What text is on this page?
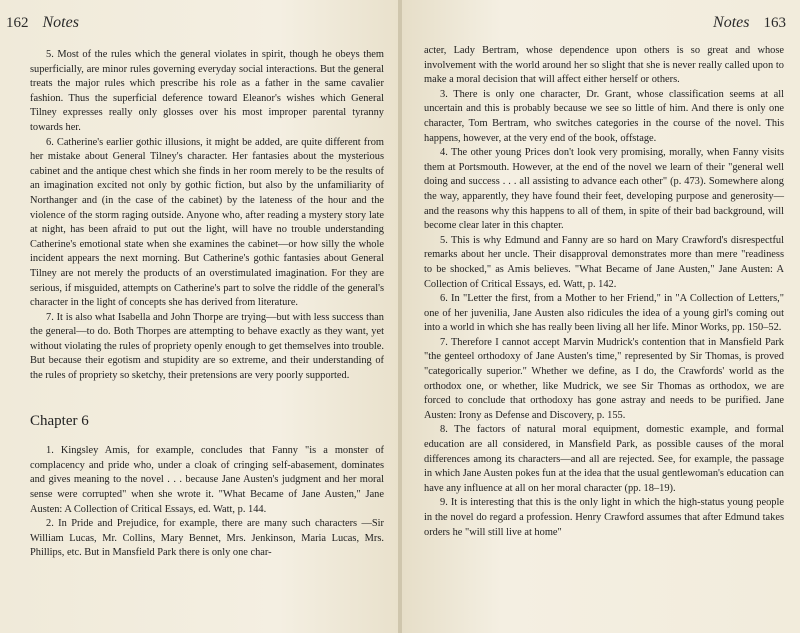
162 Notes

5. Most of the rules which the general violates in spirit, though he obeys them superficially, are minor rules governing everyday social interactions. But the general treats the major rules which prescribe his role as a father in the same cavalier fashion. Thus the superficial deference toward Eleanor's wishes which General Tilney expresses really only glosses over his most improper parental tyranny towards her.

6. Catherine's earlier gothic illusions, it might be added, are quite different from her mistake about General Tilney's character. Her fantasies about the mysterious cabinet and the antique chest which she finds in her room merely to be the results of an imagination excited not only by gothic fiction, but also by the unfamiliarity of Northanger and (in the case of the cabinet) by the lateness of the hour and the violence of the storm raging outside. Anyone who, after reading a mystery story late at night, has been afraid to put out the light, will have no trouble understanding Catherine's emotional state when she examines the cabinet—or how silly the whole incident appears the next morning. But Catherine's gothic fantasies about General Tilney are not merely the products of an overstimulated imagination. For they are serious, if misguided, attempts on Catherine's part to solve the riddle of the general's character in the light of concepts she has derived from literature.

7. It is also what Isabella and John Thorpe are trying—but with less success than the general—to do. Both Thorpes are attempting to behave exactly as they want, yet without violating the rules of propriety openly enough to get themselves into trouble. But because their egotism and stupidity are so extreme, and their understanding of the rules of propriety so sketchy, their pretensions are very poorly supported.

Chapter 6

1. Kingsley Amis, for example, concludes that Fanny "is a monster of complacency and pride who, under a cloak of cringing self-abasement, dominates and gives meaning to the novel . . . because Jane Austen's judgment and her moral sense were corrupted" when she wrote it. "What Became of Jane Austen," Jane Austen: A Collection of Critical Essays, ed. Watt, p. 144.

2. In Pride and Prejudice, for example, there are many such characters —Sir William Lucas, Mr. Collins, Mary Bennet, Mrs. Jenkinson, Maria Lucas, Mrs. Phillips, etc. But in Mansfield Park there is only one char-

Notes 163

acter, Lady Bertram, whose dependence upon others is so great and whose involvement with the world around her so slight that she is never really called upon to make a moral decision that will affect either herself or others.

3. There is only one character, Dr. Grant, whose classification seems at all uncertain and this is probably because we see so little of him. And there is only one character, Tom Bertram, who switches categories in the course of the novel. This happens, however, at the very end of the book, offstage.

4. The other young Prices don't look very promising, morally, when Fanny visits them at Portsmouth. However, at the end of the novel we learn of their "general well doing and success . . . all assisting to advance each other" (p. 473). Somewhere along the way, apparently, they have found their feet, developing purpose and generosity—and the reasons why this happens to all of them, in spite of their bad background, will become clear later in this chapter.

5. This is why Edmund and Fanny are so hard on Mary Crawford's disrespectful remarks about her uncle. Their disapproval demonstrates more than mere "readiness to be shocked," as Amis believes. "What Became of Jane Austen," Jane Austen: A Collection of Critical Essays, ed. Watt, p. 142.

6. In "Letter the first, from a Mother to her Friend," in "A Collection of Letters," one of her juvenilia, Jane Austen also ridicules the idea of a young girl's coming out into a world in which she has really been living all her life. Minor Works, pp. 150–52.

7. Therefore I cannot accept Marvin Mudrick's contention that in Mansfield Park "the genteel orthodoxy of Jane Austen's time," represented by Sir Thomas, is proved "categorically superior." Whether we define, as I do, the Crawfords' world as the orthodox one, or whether, like Mudrick, we see Sir Thomas as orthodox, we are forced to conclude that orthodoxy has gone astray and needs to be purified. Jane Austen: Irony as Defense and Discovery, p. 155.

8. The factors of natural moral equipment, domestic example, and formal education are all considered, in Mansfield Park, as possible causes of the moral differences among its characters—and all are rejected. See, for example, the passage in which Jane Austen pokes fun at the idea that the usual gentlewoman's education can have any influence at all on her moral character (pp. 18–19).

9. It is interesting that this is the only light in which the high-status young people in the novel do regard a profession. Henry Crawford assumes that after Edmund takes orders he "will still live at home"
